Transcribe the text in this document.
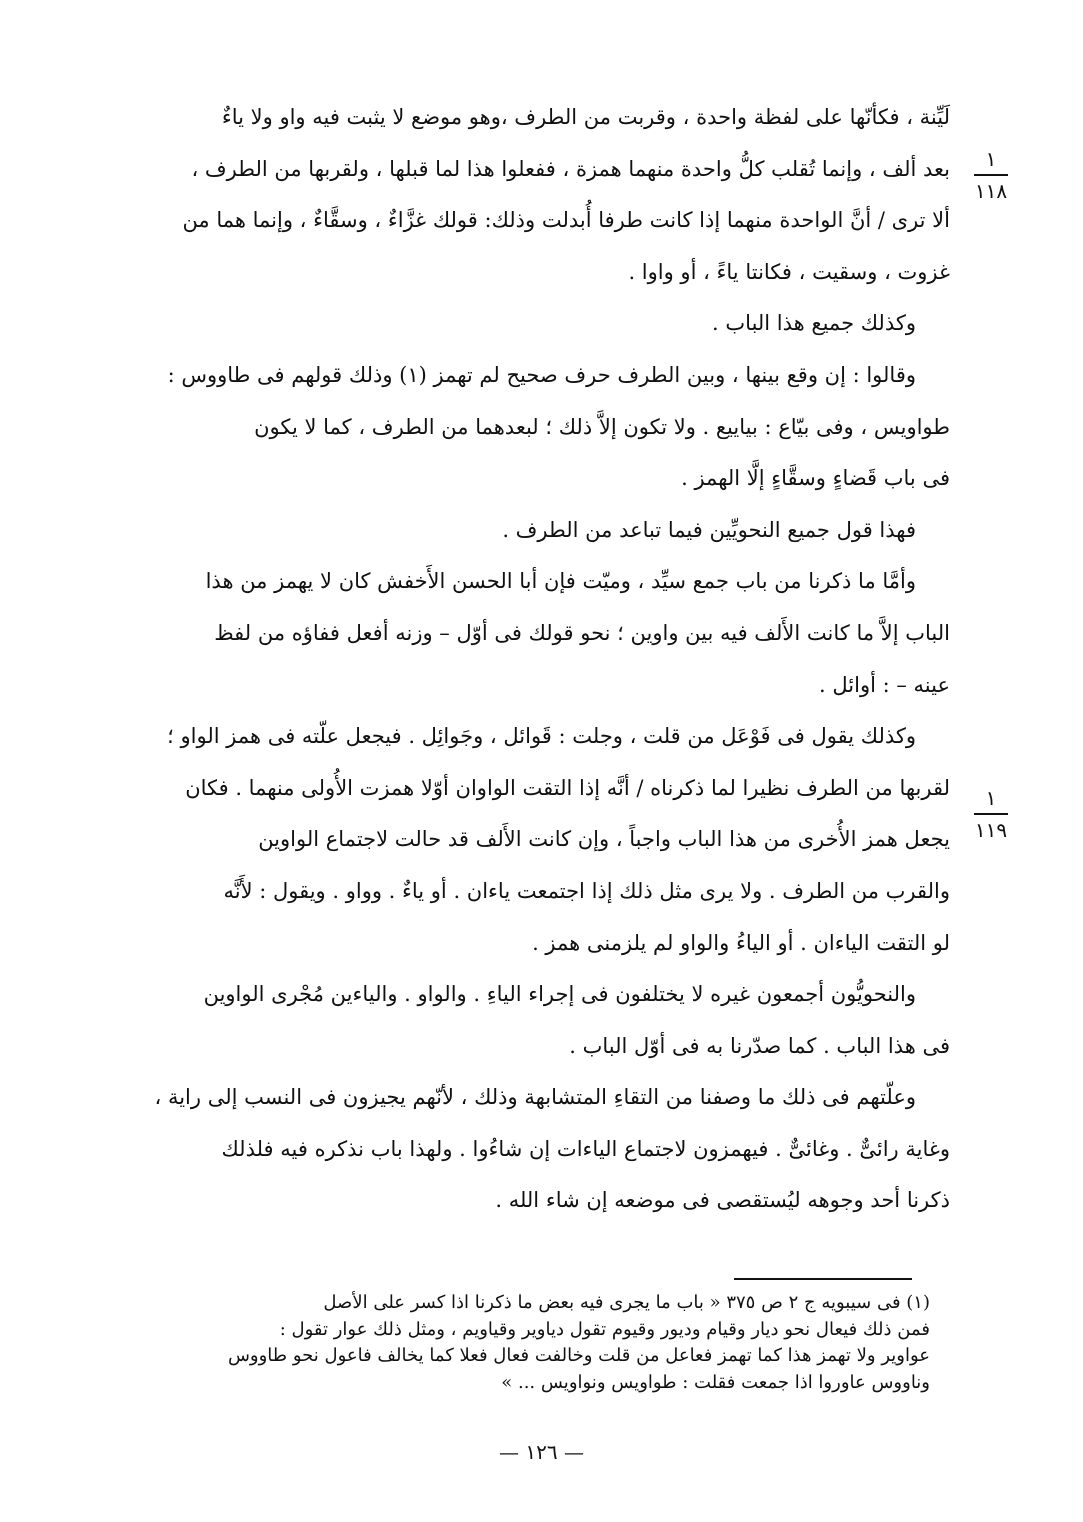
١
١١٨
١
١١٩
لَيِّنة ، فكأنّها على لفظة واحدة ، وقربت من الطرف ،وهو موضع لا يثبت فيه واو ولا ياءٌ
بعد ألف ، وإنما تُقلب كلُّ واحدة منهما همزة ، ففعلوا هذا لما قبلها ، ولقربها من الطرف ،
ألا ترى / أنَّ الواحدة منهما إذا كانت طرفا أُبدلت وذلك: قولك غزَّاءٌ ، وسقَّاءٌ ، وإنما هما من
غزوت ، وسقيت ، فكانتا ياءً ، أو واوا .
وكذلك جميع هذا الباب .
وقالوا : إن وقع بينها ، وبين الطرف حرف صحيح لم تهمز (١) وذلك قولهم فى طاووس :
طواويس ، وفى بيّاع : بياييع . ولا تكون إلاَّ ذلك ؛ لبعدهما من الطرف ، كما لا يكون
فى باب قَضاءٍ وسقَّاءٍ إلَّا الهمز .
فهذا قول جميع النحويِّين فيما تباعد من الطرف .
وأمَّا ما ذكرنا من باب جمع سيِّد ، وميّت فإن أبا الحسن الأَخفش كان لا يهمز من هذا
الباب إلاَّ ما كانت الأَلف فيه بين واوين ؛ نحو قولك فى أوّل – وزنه أفعل ففاؤه من لفظ
عينه – : أوائل .
وكذلك يقول فى فَوْعَل من قلت ، وجلت : قَوائل ، وجَوائِل . فيجعل علّته فى همز الواو ؛
لقربها من الطرف نظيرا لما ذكرناه / أنَّه إذا التقت الواوان أوّلا همزت الأُولى منهما . فكان
يجعل همز الأُخرى من هذا الباب واجباً ، وإن كانت الأَلف قد حالت لاجتماع الواوين
والقرب من الطرف . ولا يرى مثل ذلك إذا اجتمعت ياءان . أو ياءٌ . وواو . ويقول : لأَنَّه
لو التقت الياءان . أو الياءُ والواو لم يلزمنى همز .
والنحويُّون أجمعون غيره لا يختلفون فى إجراء الياءِ . والواو . والياءين مُجْرى الواوين
فى هذا الباب . كما صدّرنا به فى أوّل الباب .
وعلّتهم فى ذلك ما وصفنا من التقاءِ المتشابهة وذلك ، لأنّهم يجيزون فى النسب إلى راية ،
وغاية رائىٌّ . وغائىٌّ . فيهمزون لاجتماع الياءات إن شاءُوا . ولهذا باب نذكره فيه فلذلك
ذكرنا أحد وجوهه ليُستقصى فى موضعه إن شاء الله .
(١) فى سيبويه ج ٢ ص ٣٧٥ « باب ما يجرى فيه بعض ما ذكرنا اذا كسر على الأصل
فمن ذلك فيعال نحو ديار وقيام وديور وقيوم تقول دياوير وقياويم ، ومثل ذلك عوار تقول :
عواوير ولا تهمز هذا كما تهمز فعاعل من قلت وخالفت فعال فعلا كما يخالف فاعول نحو طاووس
وناووس عاوروا اذا جمعت فقلت : طواويس ونواويس ... »
— ١٢٦ —
